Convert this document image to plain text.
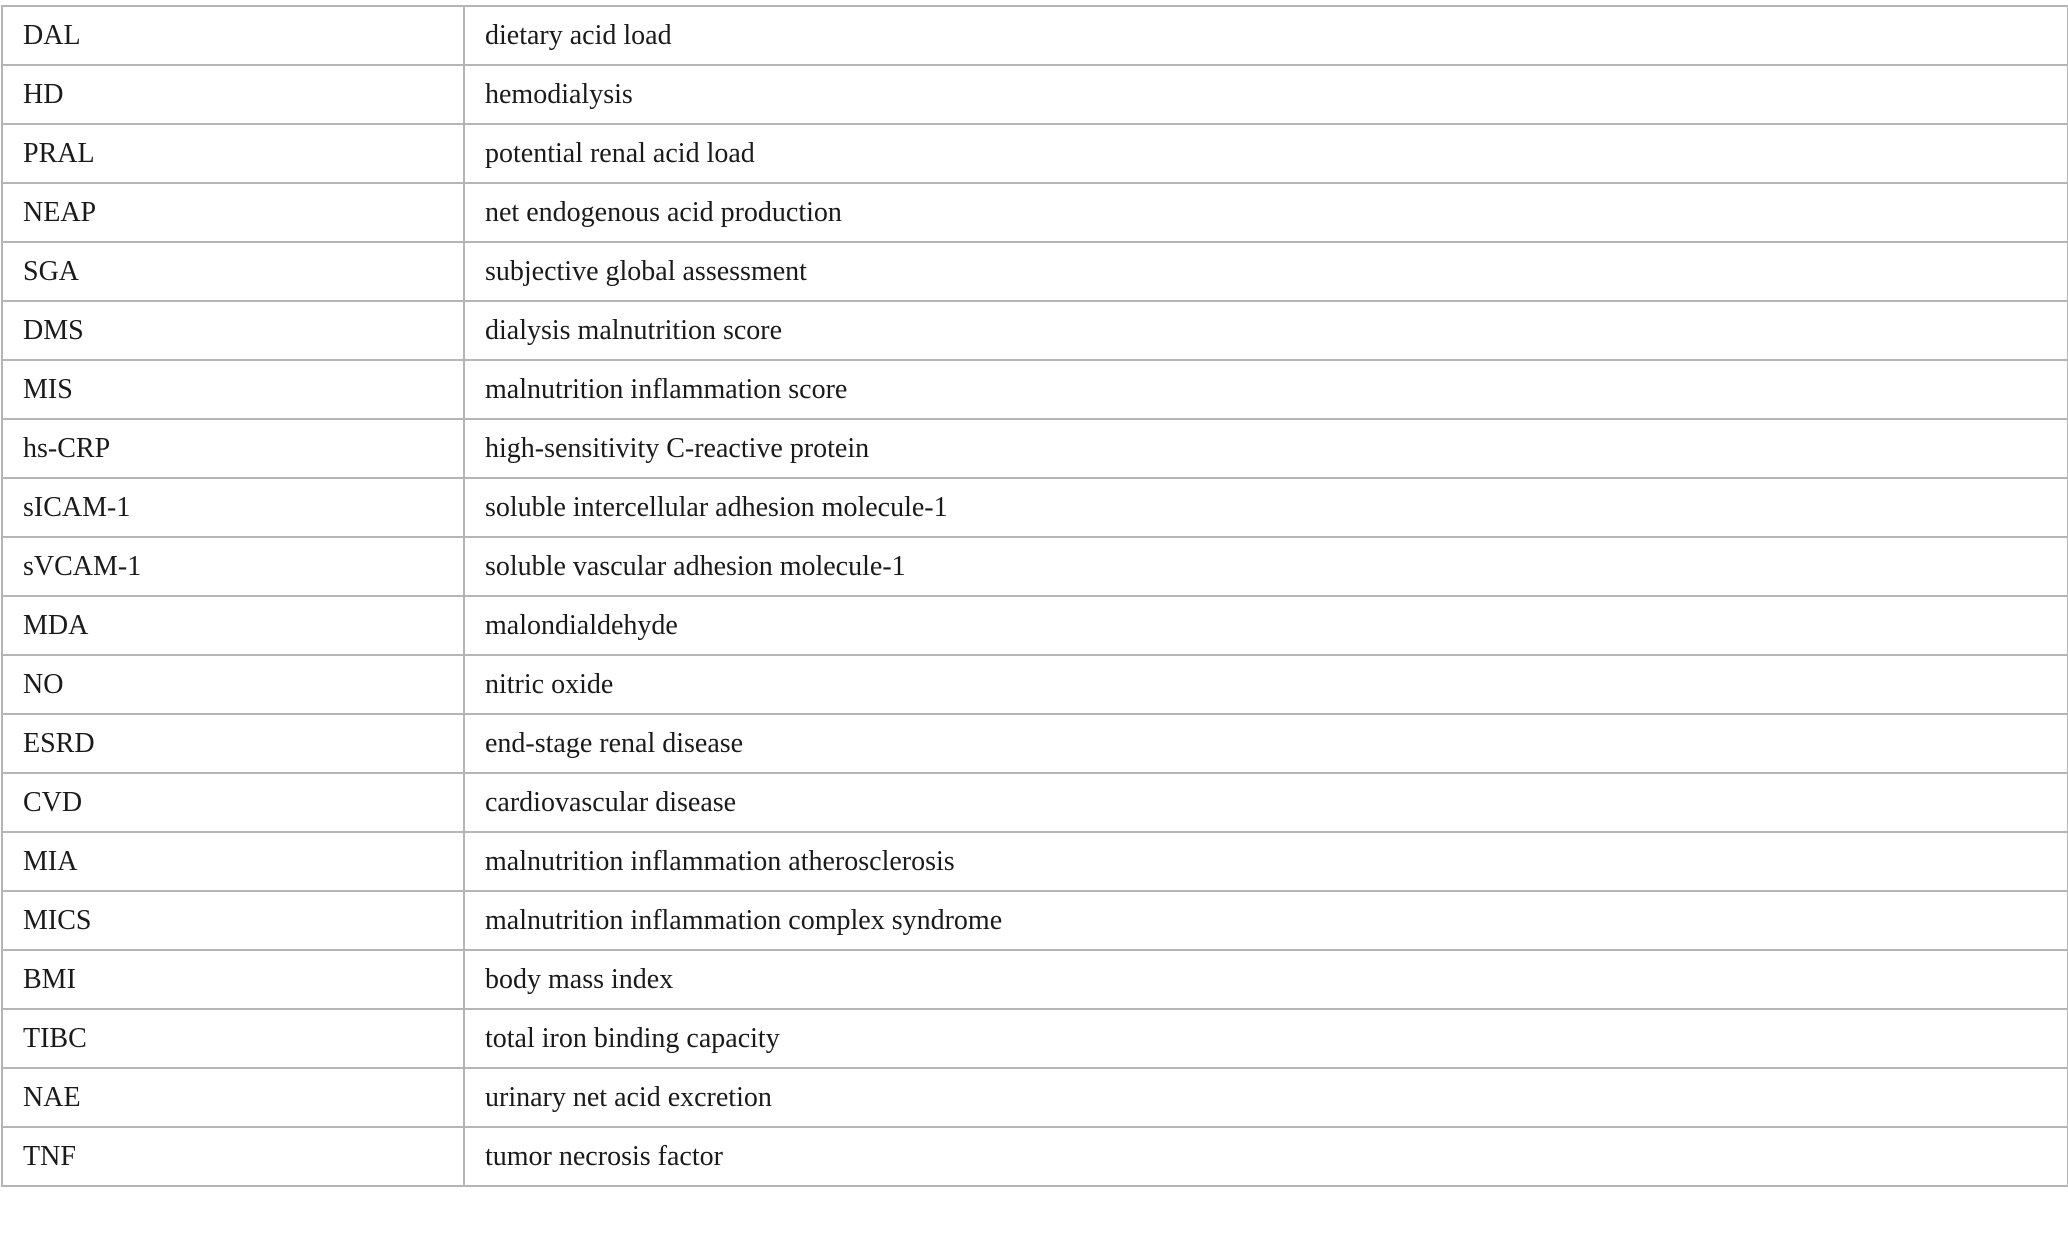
DAL	dietary acid load
HD	hemodialysis
PRAL	potential renal acid load
NEAP	net endogenous acid production
SGA	subjective global assessment
DMS	dialysis malnutrition score
MIS	malnutrition inflammation score
hs-CRP	high-sensitivity C-reactive protein
sICAM-1	soluble intercellular adhesion molecule-1
sVCAM-1	soluble vascular adhesion molecule-1
MDA	malondialdehyde
NO	nitric oxide
ESRD	end-stage renal disease
CVD	cardiovascular disease
MIA	malnutrition inflammation atherosclerosis
MICS	malnutrition inflammation complex syndrome
BMI	body mass index
TIBC	total iron binding capacity
NAE	urinary net acid excretion
TNF	tumor necrosis factor
